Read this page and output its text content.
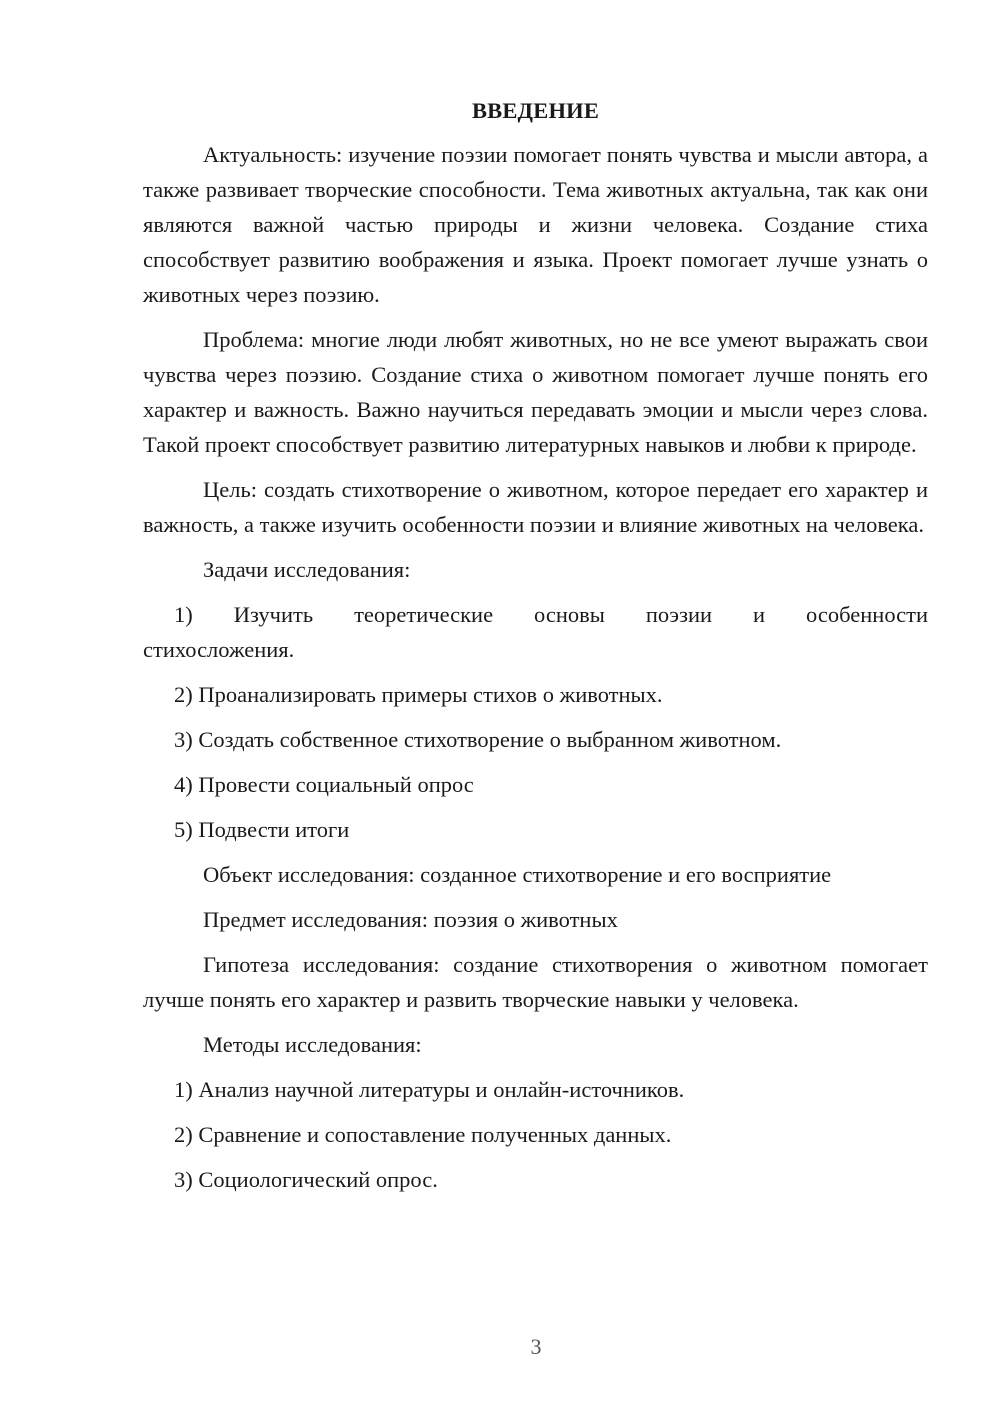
ВВЕДЕНИЕ
Актуальность: изучение поэзии помогает понять чувства и мысли автора, а также развивает творческие способности. Тема животных актуальна, так как они являются важной частью природы и жизни человека. Создание стиха способствует развитию воображения и языка. Проект помогает лучше узнать о животных через поэзию.
Проблема: многие люди любят животных, но не все умеют выражать свои чувства через поэзию. Создание стиха о животном помогает лучше понять его характер и важность. Важно научиться передавать эмоции и мысли через слова. Такой проект способствует развитию литературных навыков и любви к природе.
Цель: создать стихотворение о животном, которое передает его характер и важность, а также изучить особенности поэзии и влияние животных на человека.
Задачи исследования:
1) Изучить теоретические основы поэзии и особенности
стихосложения.
2) Проанализировать примеры стихов о животных.
3) Создать собственное стихотворение о выбранном животном.
4) Провести социальный опрос
5) Подвести итоги
Объект исследования: созданное стихотворение и его восприятие
Предмет исследования: поэзия о животных
Гипотеза исследования: создание стихотворения о животном помогает лучше понять его характер и развить творческие навыки у человека.
Методы исследования:
1) Анализ научной литературы и онлайн-источников.
2) Сравнение и сопоставление полученных данных.
3) Социологический опрос.
3
